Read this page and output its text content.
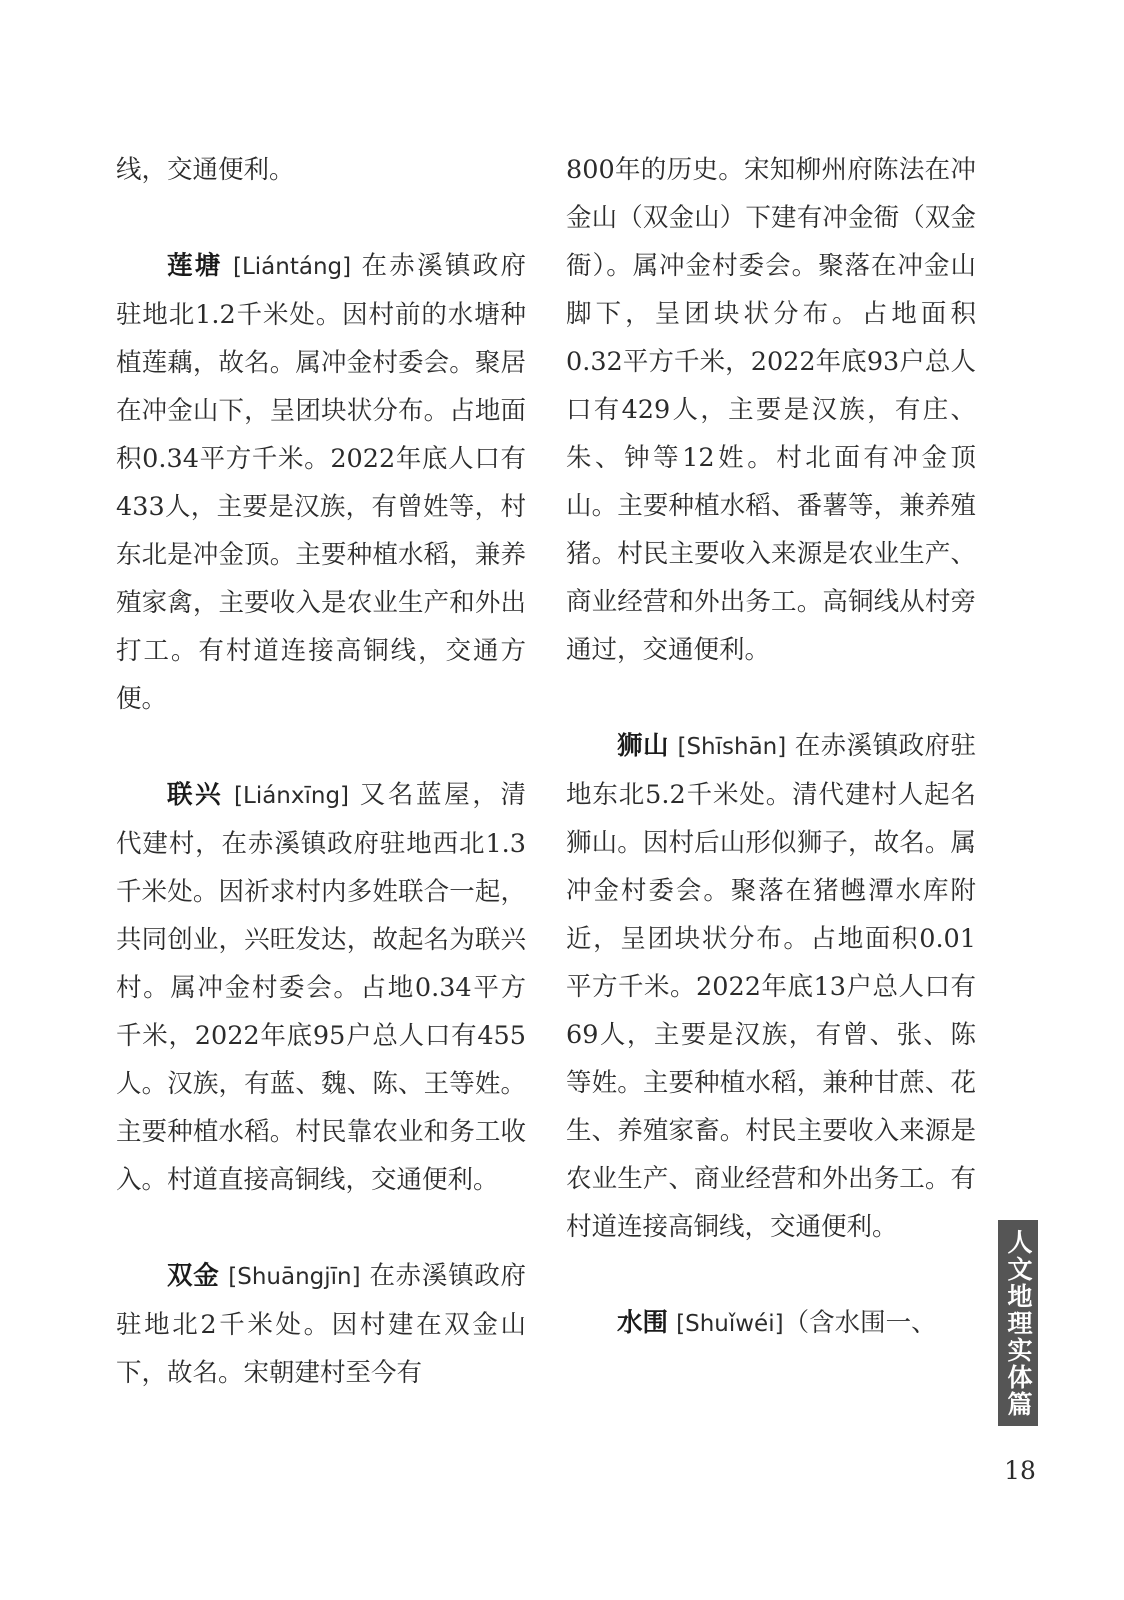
线，交通便利。

莲塘 [Liántáng] 在赤溪镇政府驻地北1.2千米处。因村前的水塘种植莲藕，故名。属冲金村委会。聚居在冲金山下，呈团块状分布。占地面积0.34平方千米。2022年底人口有433人，主要是汉族，有曾姓等，村东北是冲金顶。主要种植水稻，兼养殖家禽，主要收入是农业生产和外出打工。有村道连接高铜线，交通方便。

联兴 [Liánxīng] 又名蓝屋，清代建村，在赤溪镇政府驻地西北1.3千米处。因祈求村内多姓联合一起，共同创业，兴旺发达，故起名为联兴村。属冲金村委会。占地0.34平方千米，2022年底95户总人口有455人。汉族，有蓝、魏、陈、王等姓。主要种植水稻。村民靠农业和务工收入。村道直接高铜线，交通便利。

双金 [Shuāngjīn] 在赤溪镇政府驻地北2千米处。因村建在双金山下，故名。宋朝建村至今有

800年的历史。宋知柳州府陈法在冲金山（双金山）下建有冲金衙（双金衙）。属冲金村委会。聚落在冲金山脚下，呈团块状分布。占地面积0.32平方千米，2022年底93户总人口有429人，主要是汉族，有庄、朱、钟等12姓。村北面有冲金顶山。主要种植水稻、番薯等，兼养殖猪。村民主要收入来源是农业生产、商业经营和外出务工。高铜线从村旁通过，交通便利。

狮山 [Shīshān] 在赤溪镇政府驻地东北5.2千米处。清代建村人起名狮山。因村后山形似狮子，故名。属冲金村委会。聚落在猪乸潭水库附近，呈团块状分布。占地面积0.01平方千米。2022年底13户总人口有69人，主要是汉族，有曾、张、陈等姓。主要种植水稻，兼种甘蔗、花生、养殖家畜。村民主要收入来源是农业生产、商业经营和外出务工。有村道连接高铜线，交通便利。

水围 [Shuǐwéi]（含水围一、	人文地理实体篇
18
